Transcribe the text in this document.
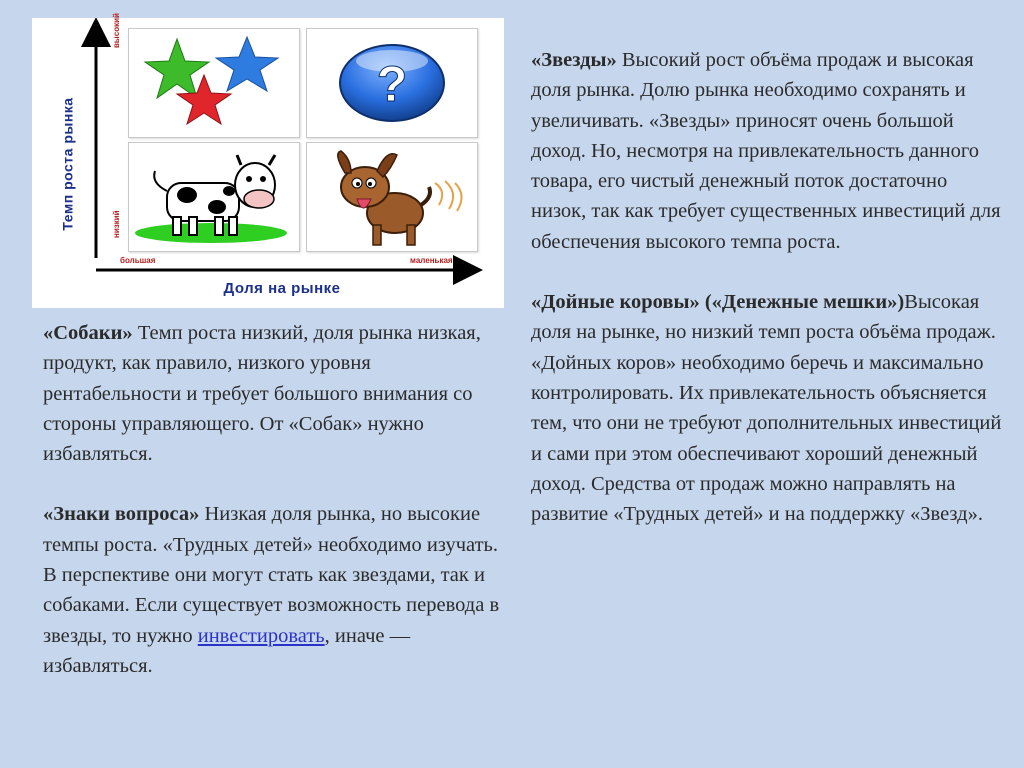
Темп роста рынка
высокий
низкий
большая	маленькая
Доля на рынке
?
«Собаки» Темп роста низкий, доля рынка низкая, продукт, как правило, низкого уровня рентабельности и требует большого внимания со стороны управляющего. От «Собак» нужно избавляться.
«Знаки вопроса» Низкая доля рынка, но высокие темпы роста. «Трудных детей» необходимо изучать. В перспективе они могут стать как звездами, так и собаками. Если существует возможность перевода в звезды, то нужно инвестировать, иначе — избавляться.
«Звезды» Высокий рост объёма продаж и высокая доля рынка. Долю рынка необходимо сохранять и увеличивать. «Звезды» приносят очень большой доход. Но, несмотря на привлекательность данного товара, его чистый денежный поток достаточно низок, так как требует существенных инвестиций для обеспечения высокого темпа роста.
«Дойные коровы» («Денежные мешки»)Высокая доля на рынке, но низкий темп роста объёма продаж. «Дойных коров» необходимо беречь и максимально контролировать. Их привлекательность объясняется тем, что они не требуют дополнительных инвестиций и сами при этом обеспечивают хороший денежный доход. Средства от продаж можно направлять на развитие «Трудных детей» и на поддержку «Звезд».
